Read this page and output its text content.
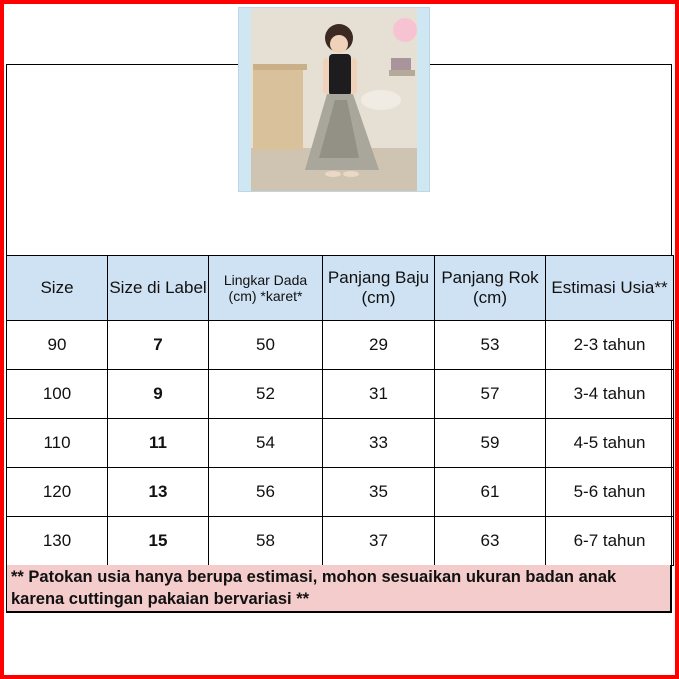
Size	Size di Label	Lingkar Dada (cm) *karet*	Panjang Baju (cm)	Panjang Rok (cm)	Estimasi Usia**
90	7	50	29	53	2-3 tahun
100	9	52	31	57	3-4 tahun
110	11	54	33	59	4-5 tahun
120	13	56	35	61	5-6 tahun
130	15	58	37	63	6-7 tahun
** Patokan usia hanya berupa estimasi, mohon sesuaikan ukuran badan anak karena cuttingan pakaian bervariasi **
